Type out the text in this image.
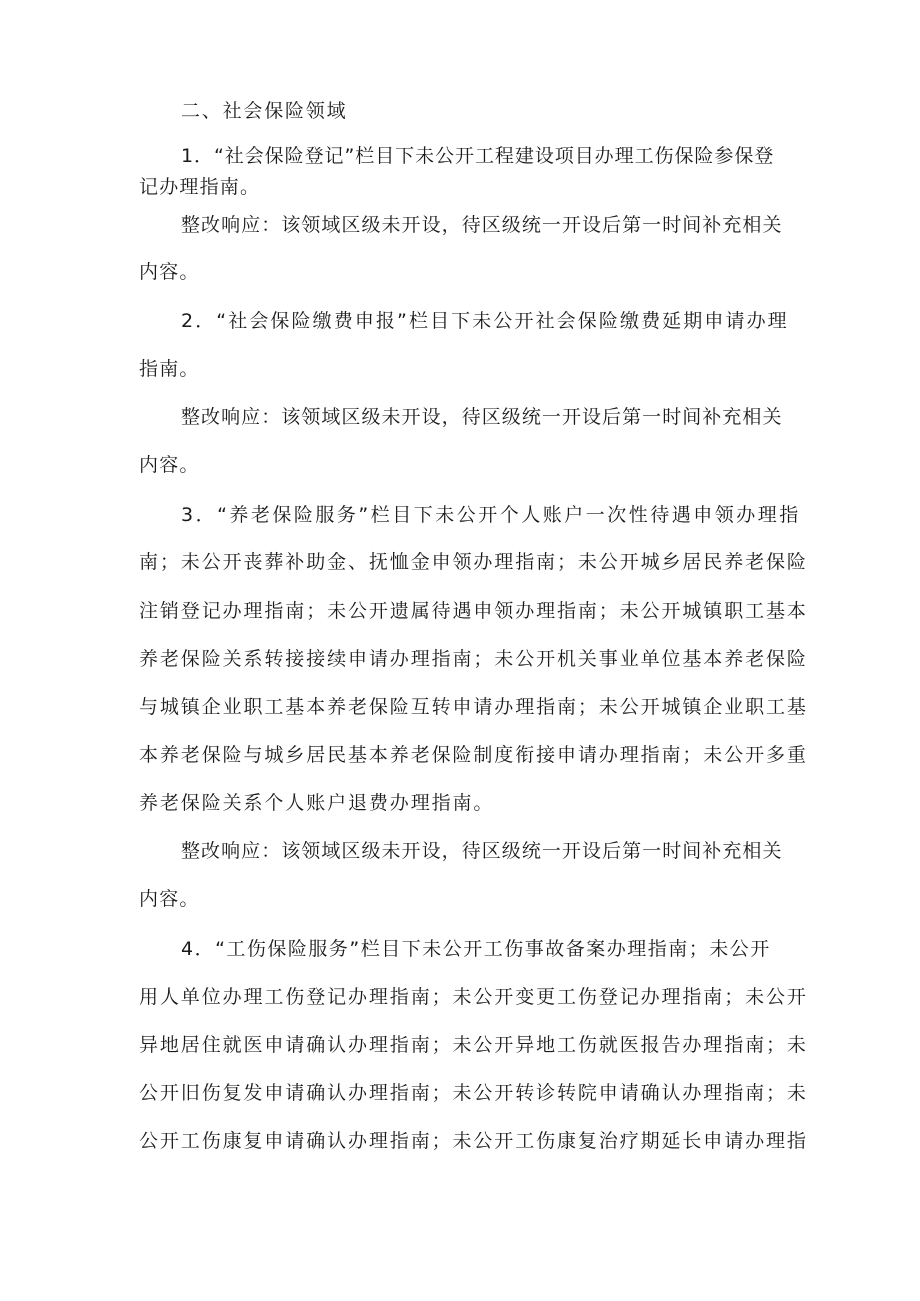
二、社会保险领域
1．“社会保险登记”栏目下未公开工程建设项目办理工伤保险参保登
记办理指南。
整改响应：该领域区级未开设，待区级统一开设后第一时间补充相关
内容。
2．“社会保险缴费申报”栏目下未公开社会保险缴费延期申请办理
指南。
整改响应：该领域区级未开设，待区级统一开设后第一时间补充相关
内容。
3．“养老保险服务”栏目下未公开个人账户一次性待遇申领办理指
南；未公开丧葬补助金、抚恤金申领办理指南；未公开城乡居民养老保险
注销登记办理指南；未公开遗属待遇申领办理指南；未公开城镇职工基本
养老保险关系转接接续申请办理指南；未公开机关事业单位基本养老保险
与城镇企业职工基本养老保险互转申请办理指南；未公开城镇企业职工基
本养老保险与城乡居民基本养老保险制度衔接申请办理指南；未公开多重
养老保险关系个人账户退费办理指南。
整改响应：该领域区级未开设，待区级统一开设后第一时间补充相关
内容。
4．“工伤保险服务”栏目下未公开工伤事故备案办理指南；未公开
用人单位办理工伤登记办理指南；未公开变更工伤登记办理指南；未公开
异地居住就医申请确认办理指南；未公开异地工伤就医报告办理指南；未
公开旧伤复发申请确认办理指南；未公开转诊转院申请确认办理指南；未
公开工伤康复申请确认办理指南；未公开工伤康复治疗期延长申请办理指
